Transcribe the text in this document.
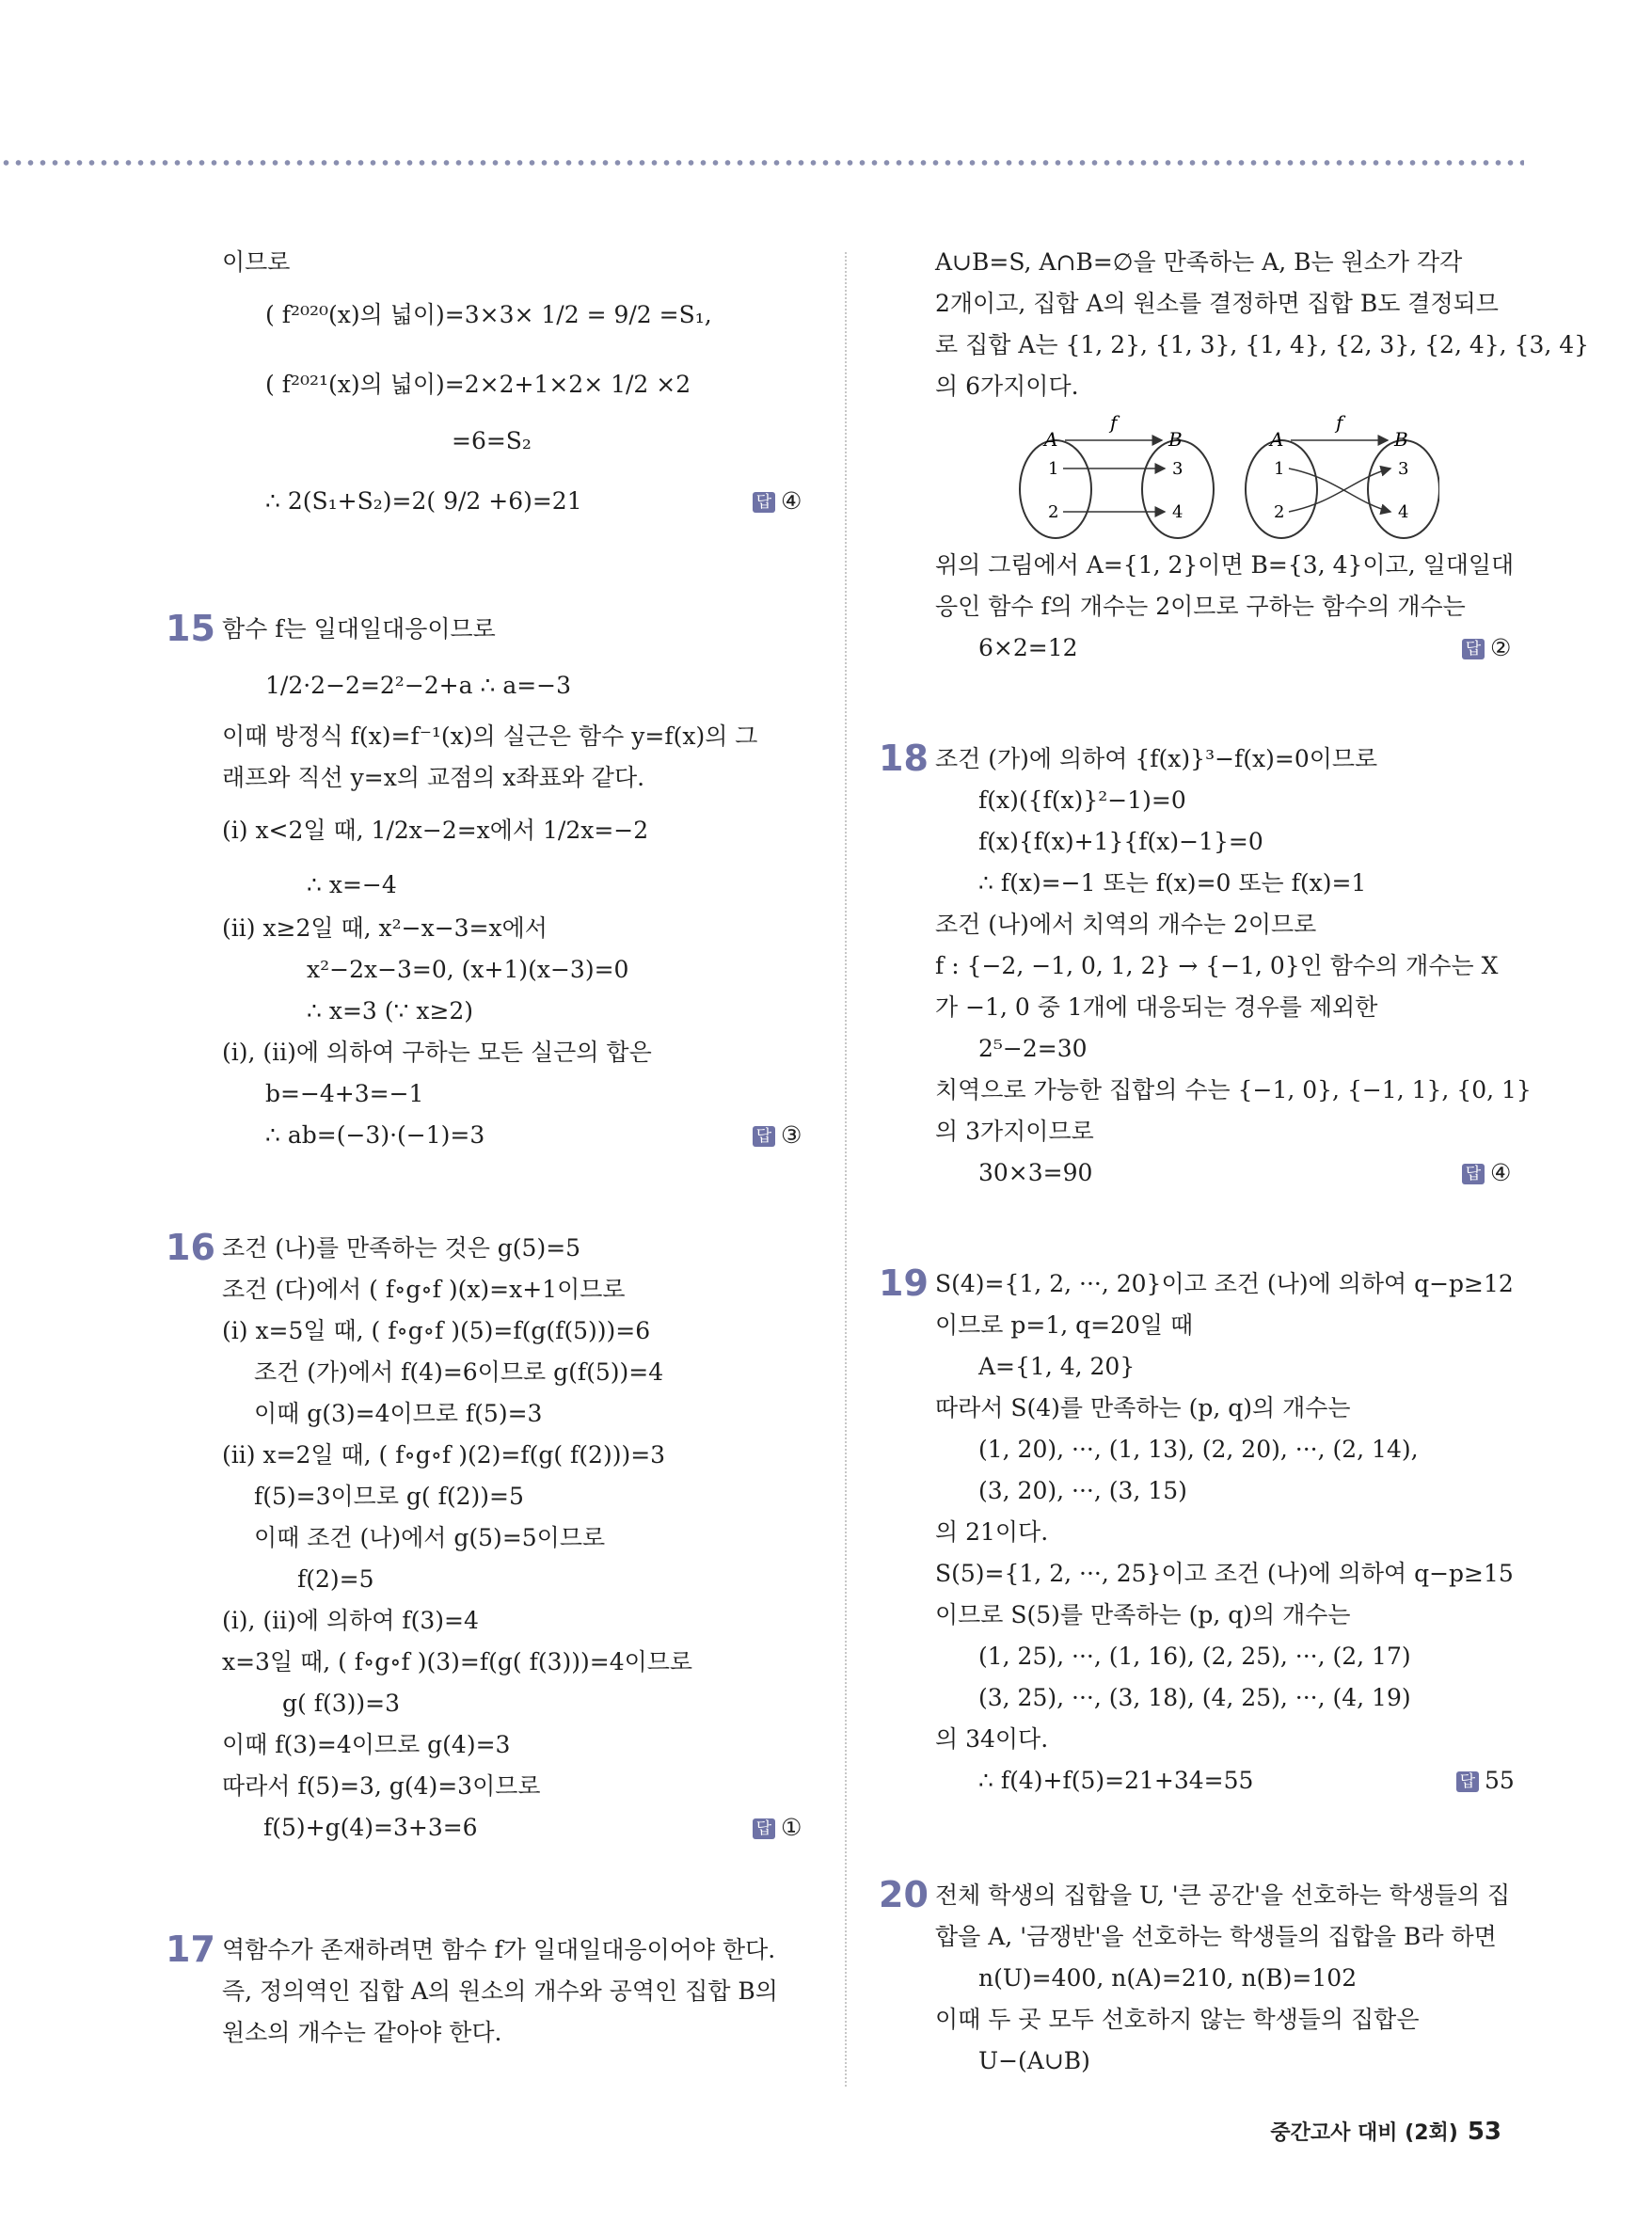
이므로
( f²⁰²⁰(x)의 넓이)=3×3× 1/2 = 9/2 =S₁,
( f²⁰²¹(x)의 넓이)=2×2+1×2× 1/2 ×2
=6=S₂
∴ 2(S₁+S₂)=2( 9/2 +6)=21	답 ④
15 함수 f는 일대일대응이므로
1/2·2−2=2²−2+a ∴ a=−3
이때 방정식 f(x)=f⁻¹(x)의 실근은 함수 y=f(x)의 그
래프와 직선 y=x의 교점의 x좌표와 같다.
(i) x<2일 때, 1/2x−2=x에서 1/2x=−2
∴ x=−4
(ii) x≥2일 때, x²−x−3=x에서
x²−2x−3=0, (x+1)(x−3)=0
∴ x=3 (∵ x≥2)
(i), (ii)에 의하여 구하는 모든 실근의 합은
b=−4+3=−1
∴ ab=(−3)·(−1)=3	답 ③
16 조건 (나)를 만족하는 것은 g(5)=5
조건 (다)에서 ( f∘g∘f )(x)=x+1이므로
(i) x=5일 때, ( f∘g∘f )(5)=f(g(f(5)))=6
조건 (가)에서 f(4)=6이므로 g(f(5))=4
이때 g(3)=4이므로 f(5)=3
(ii) x=2일 때, ( f∘g∘f )(2)=f(g( f(2)))=3
f(5)=3이므로 g( f(2))=5
이때 조건 (나)에서 g(5)=5이므로
f(2)=5
(i), (ii)에 의하여 f(3)=4
x=3일 때, ( f∘g∘f )(3)=f(g( f(3)))=4이므로
g( f(3))=3
이때 f(3)=4이므로 g(4)=3
따라서 f(5)=3, g(4)=3이므로
f(5)+g(4)=3+3=6	답 ①
17 역함수가 존재하려면 함수 f가 일대일대응이어야 한다.
즉, 정의역인 집합 A의 원소의 개수와 공역인 집합 B의
원소의 개수는 같아야 한다.
A∪B=S, A∩B=∅을 만족하는 A, B는 원소가 각각
2개이고, 집합 A의 원소를 결정하면 집합 B도 결정되므
로 집합 A는 {1, 2}, {1, 3}, {1, 4}, {2, 3}, {2, 4}, {3, 4}
의 6가지이다.
A	B
f
1
2
3
4
A	B
f
1
2
3
4
위의 그림에서 A={1, 2}이면 B={3, 4}이고, 일대일대
응인 함수 f의 개수는 2이므로 구하는 함수의 개수는
6×2=12	답 ②
18 조건 (가)에 의하여 {f(x)}³−f(x)=0이므로
f(x)({f(x)}²−1)=0
f(x){f(x)+1}{f(x)−1}=0
∴ f(x)=−1 또는 f(x)=0 또는 f(x)=1
조건 (나)에서 치역의 개수는 2이므로
f : {−2, −1, 0, 1, 2} → {−1, 0}인 함수의 개수는 X
가 −1, 0 중 1개에 대응되는 경우를 제외한
2⁵−2=30
치역으로 가능한 집합의 수는 {−1, 0}, {−1, 1}, {0, 1}
의 3가지이므로
30×3=90	답 ④
19 S(4)={1, 2, ···, 20}이고 조건 (나)에 의하여 q−p≥12
이므로 p=1, q=20일 때
A={1, 4, 20}
따라서 S(4)를 만족하는 (p, q)의 개수는
(1, 20), ···, (1, 13), (2, 20), ···, (2, 14),
(3, 20), ···, (3, 15)
의 21이다.
S(5)={1, 2, ···, 25}이고 조건 (나)에 의하여 q−p≥15
이므로 S(5)를 만족하는 (p, q)의 개수는
(1, 25), ···, (1, 16), (2, 25), ···, (2, 17)
(3, 25), ···, (3, 18), (4, 25), ···, (4, 19)
의 34이다.
∴ f(4)+f(5)=21+34=55	답 55
20 전체 학생의 집합을 U, '큰 공간'을 선호하는 학생들의 집
합을 A, '금쟁반'을 선호하는 학생들의 집합을 B라 하면
n(U)=400, n(A)=210, n(B)=102
이때 두 곳 모두 선호하지 않는 학생들의 집합은
U−(A∪B)
중간고사 대비 (2회) 53
